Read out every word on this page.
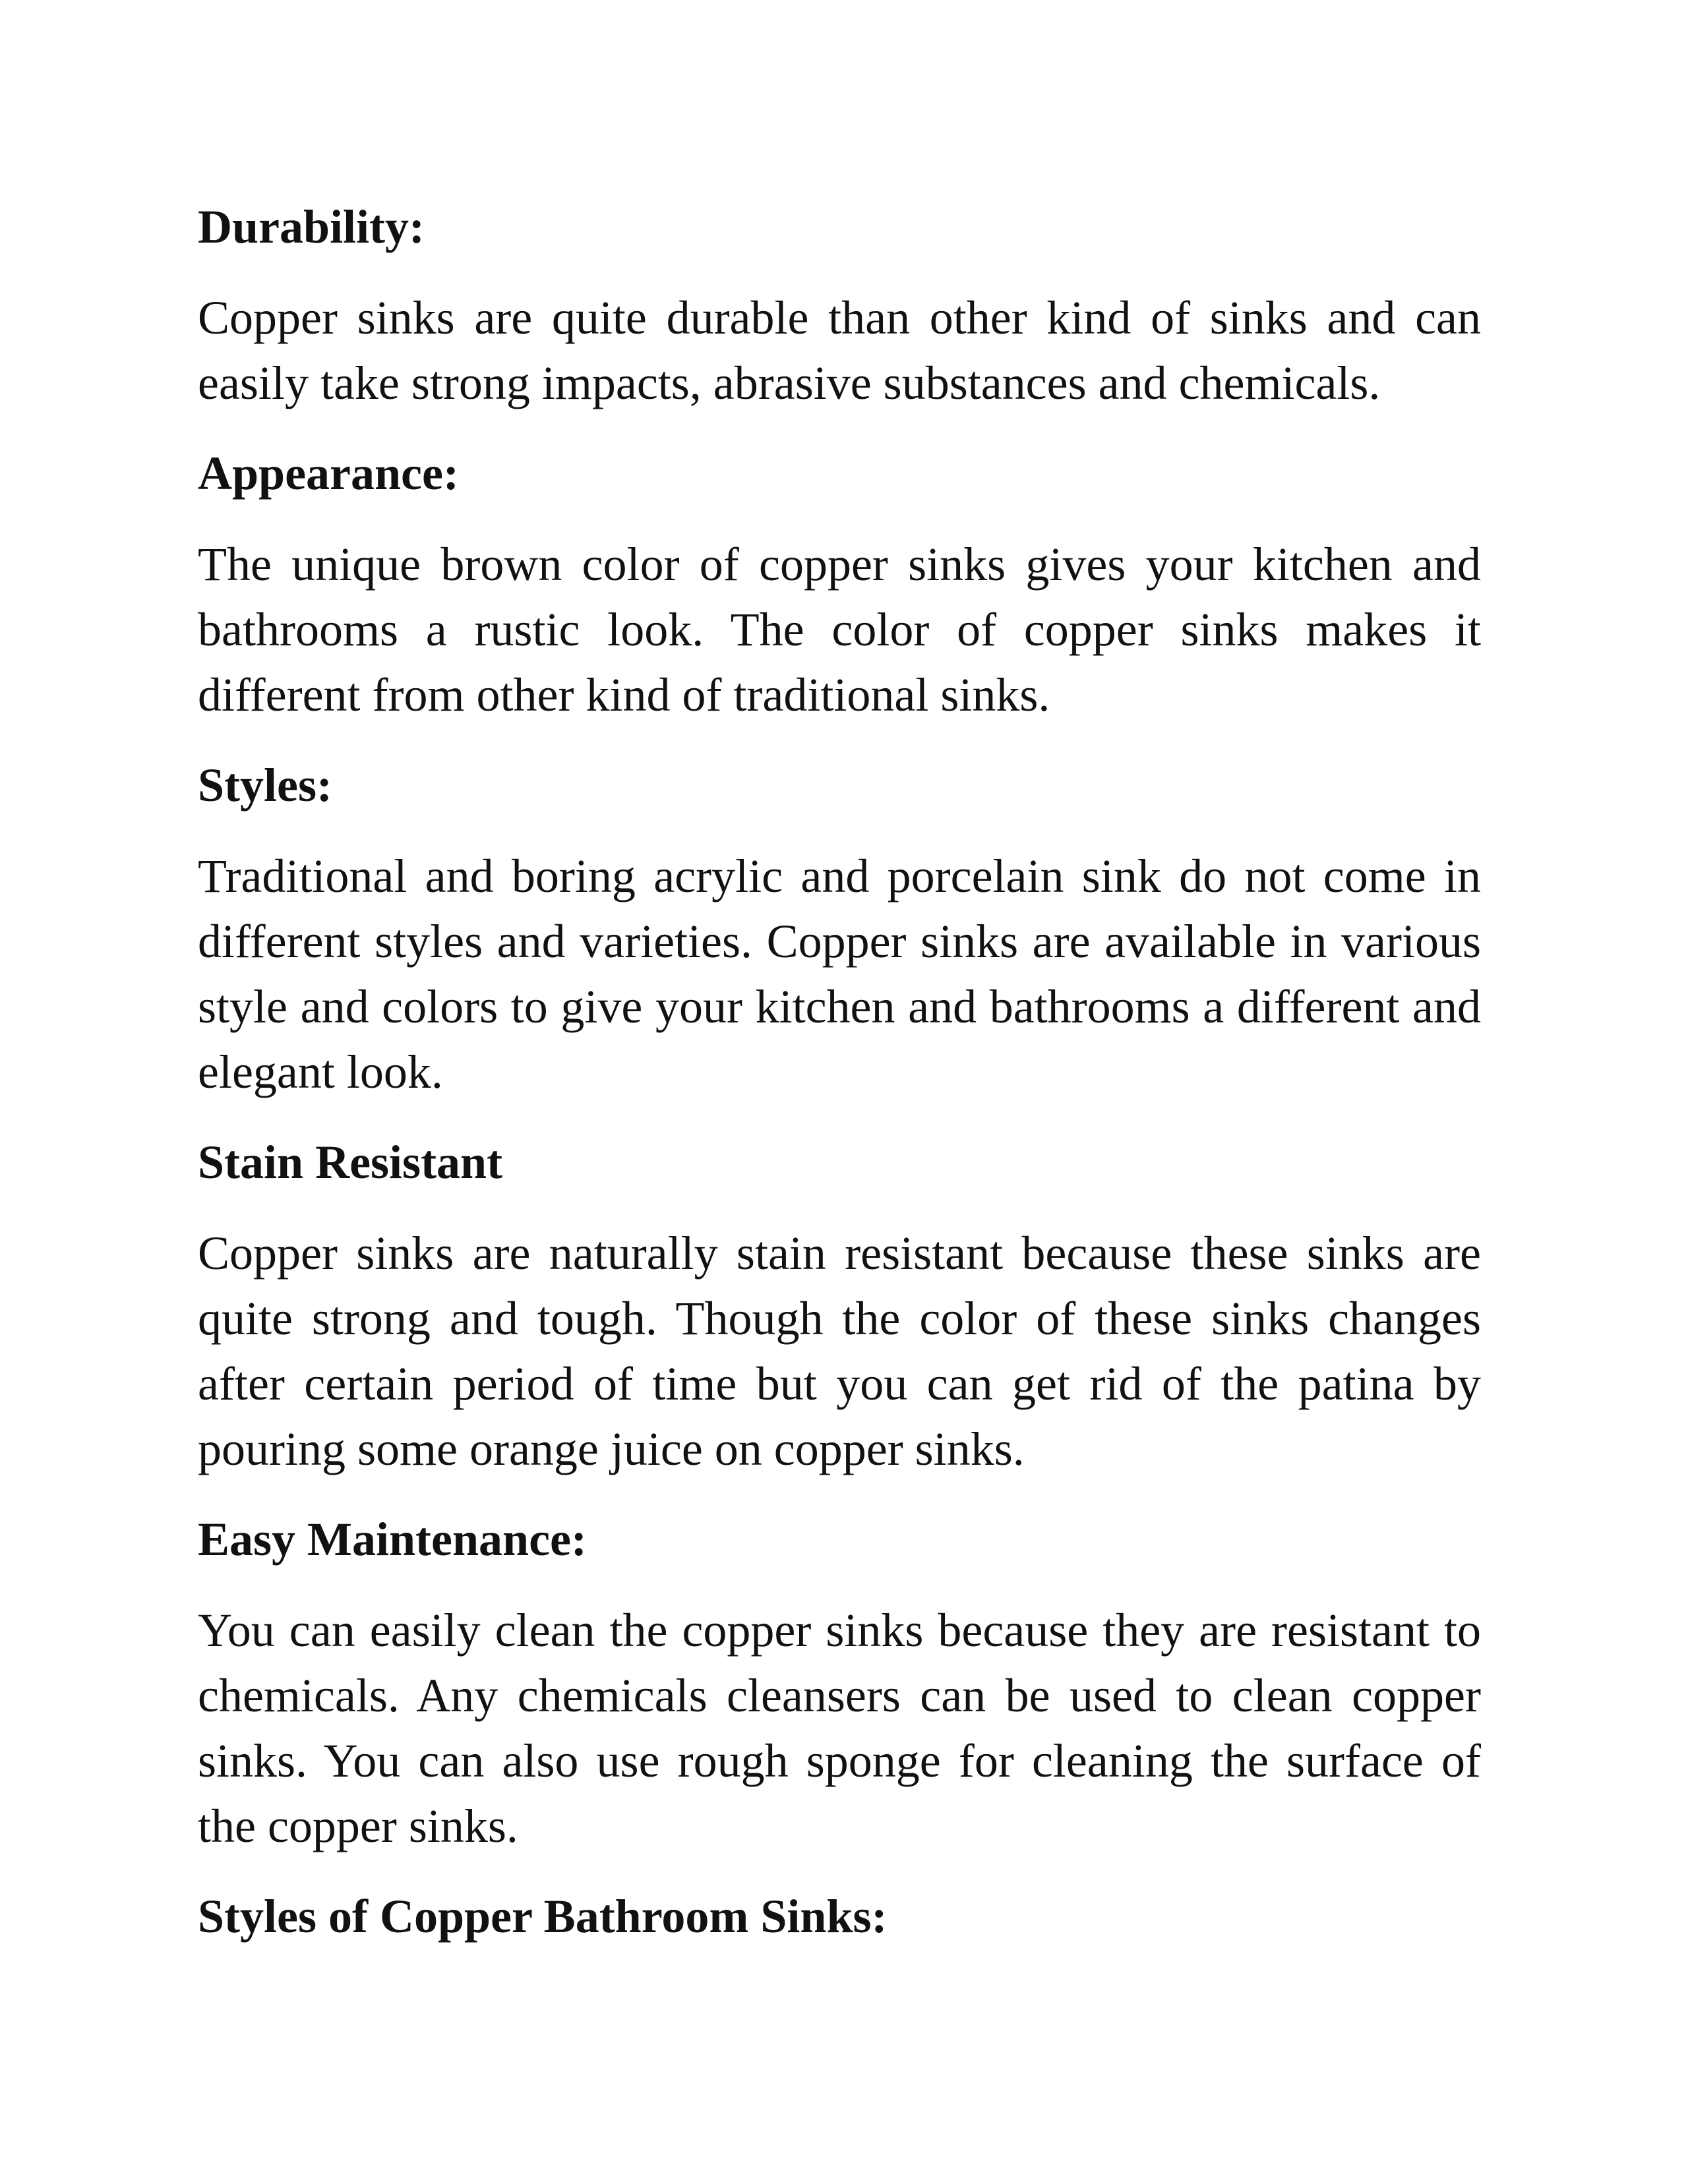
Durability:
Copper sinks are quite durable than other kind of sinks and can easily take strong impacts, abrasive substances and chemicals.
Appearance:
The unique brown color of copper sinks gives your kitchen and bathrooms a rustic look. The color of copper sinks makes it different from other kind of traditional sinks.
Styles:
Traditional and boring acrylic and porcelain sink do not come in different styles and varieties. Copper sinks are available in various style and colors to give your kitchen and bathrooms a different and elegant look.
Stain Resistant
Copper sinks are naturally stain resistant because these sinks are quite strong and tough. Though the color of these sinks changes after certain period of time but you can get rid of the patina by pouring some orange juice on copper sinks.
Easy Maintenance:
You can easily clean the copper sinks because they are resistant to chemicals. Any chemicals cleansers can be used to clean copper sinks. You can also use rough sponge for cleaning the surface of the copper sinks.
Styles of Copper Bathroom Sinks:
